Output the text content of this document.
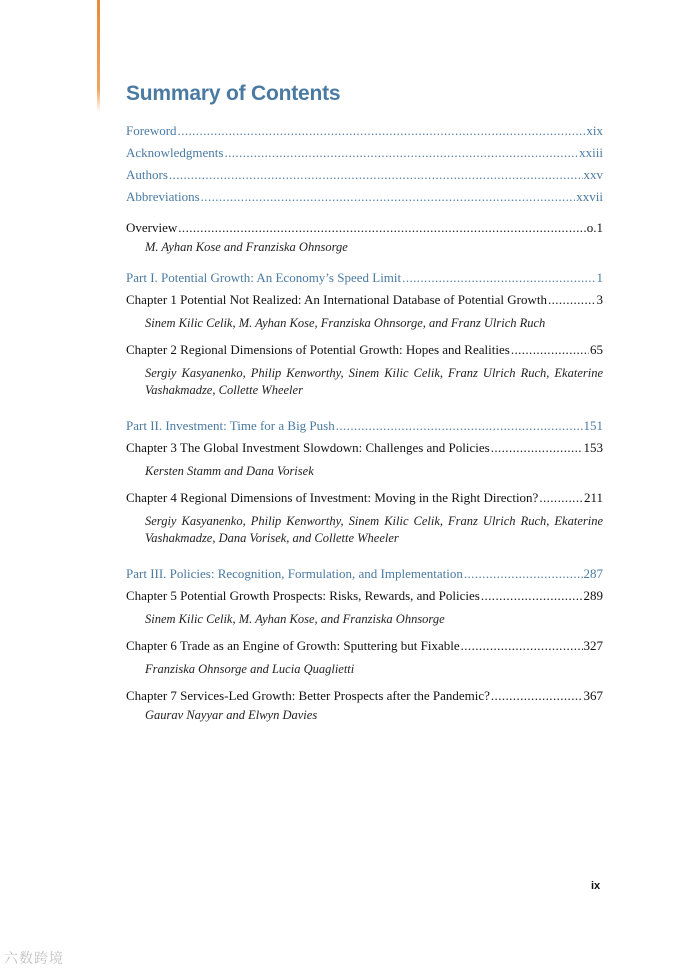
Summary of Contents
Foreword .....	xix
Acknowledgments .....	xxiii
Authors .....	xxv
Abbreviations .....	xxvii
Overview .....	o.1
M. Ayhan Kose and Franziska Ohnsorge
Part I. Potential Growth: An Economy’s Speed Limit .....	1
Chapter 1 Potential Not Realized: An International Database of Potential Growth .....	3
Sinem Kilic Celik, M. Ayhan Kose, Franziska Ohnsorge, and Franz Ulrich Ruch
Chapter 2 Regional Dimensions of Potential Growth: Hopes and Realities .....	65
Sergiy Kasyanenko, Philip Kenworthy, Sinem Kilic Celik, Franz Ulrich Ruch, Ekaterine Vashakmadze, Collette Wheeler
Part II. Investment: Time for a Big Push .....	151
Chapter 3 The Global Investment Slowdown: Challenges and Policies .....	153
Kersten Stamm and Dana Vorisek
Chapter 4 Regional Dimensions of Investment: Moving in the Right Direction? .....	211
Sergiy Kasyanenko, Philip Kenworthy, Sinem Kilic Celik, Franz Ulrich Ruch, Ekaterine Vashakmadze, Dana Vorisek, and Collette Wheeler
Part III. Policies: Recognition, Formulation, and Implementation .....	287
Chapter 5 Potential Growth Prospects: Risks, Rewards, and Policies .....	289
Sinem Kilic Celik, M. Ayhan Kose, and Franziska Ohnsorge
Chapter 6 Trade as an Engine of Growth: Sputtering but Fixable .....	327
Franziska Ohnsorge and Lucia Quaglietti
Chapter 7 Services-Led Growth: Better Prospects after the Pandemic? .....	367
Gaurav Nayyar and Elwyn Davies
ix
六数跨境
